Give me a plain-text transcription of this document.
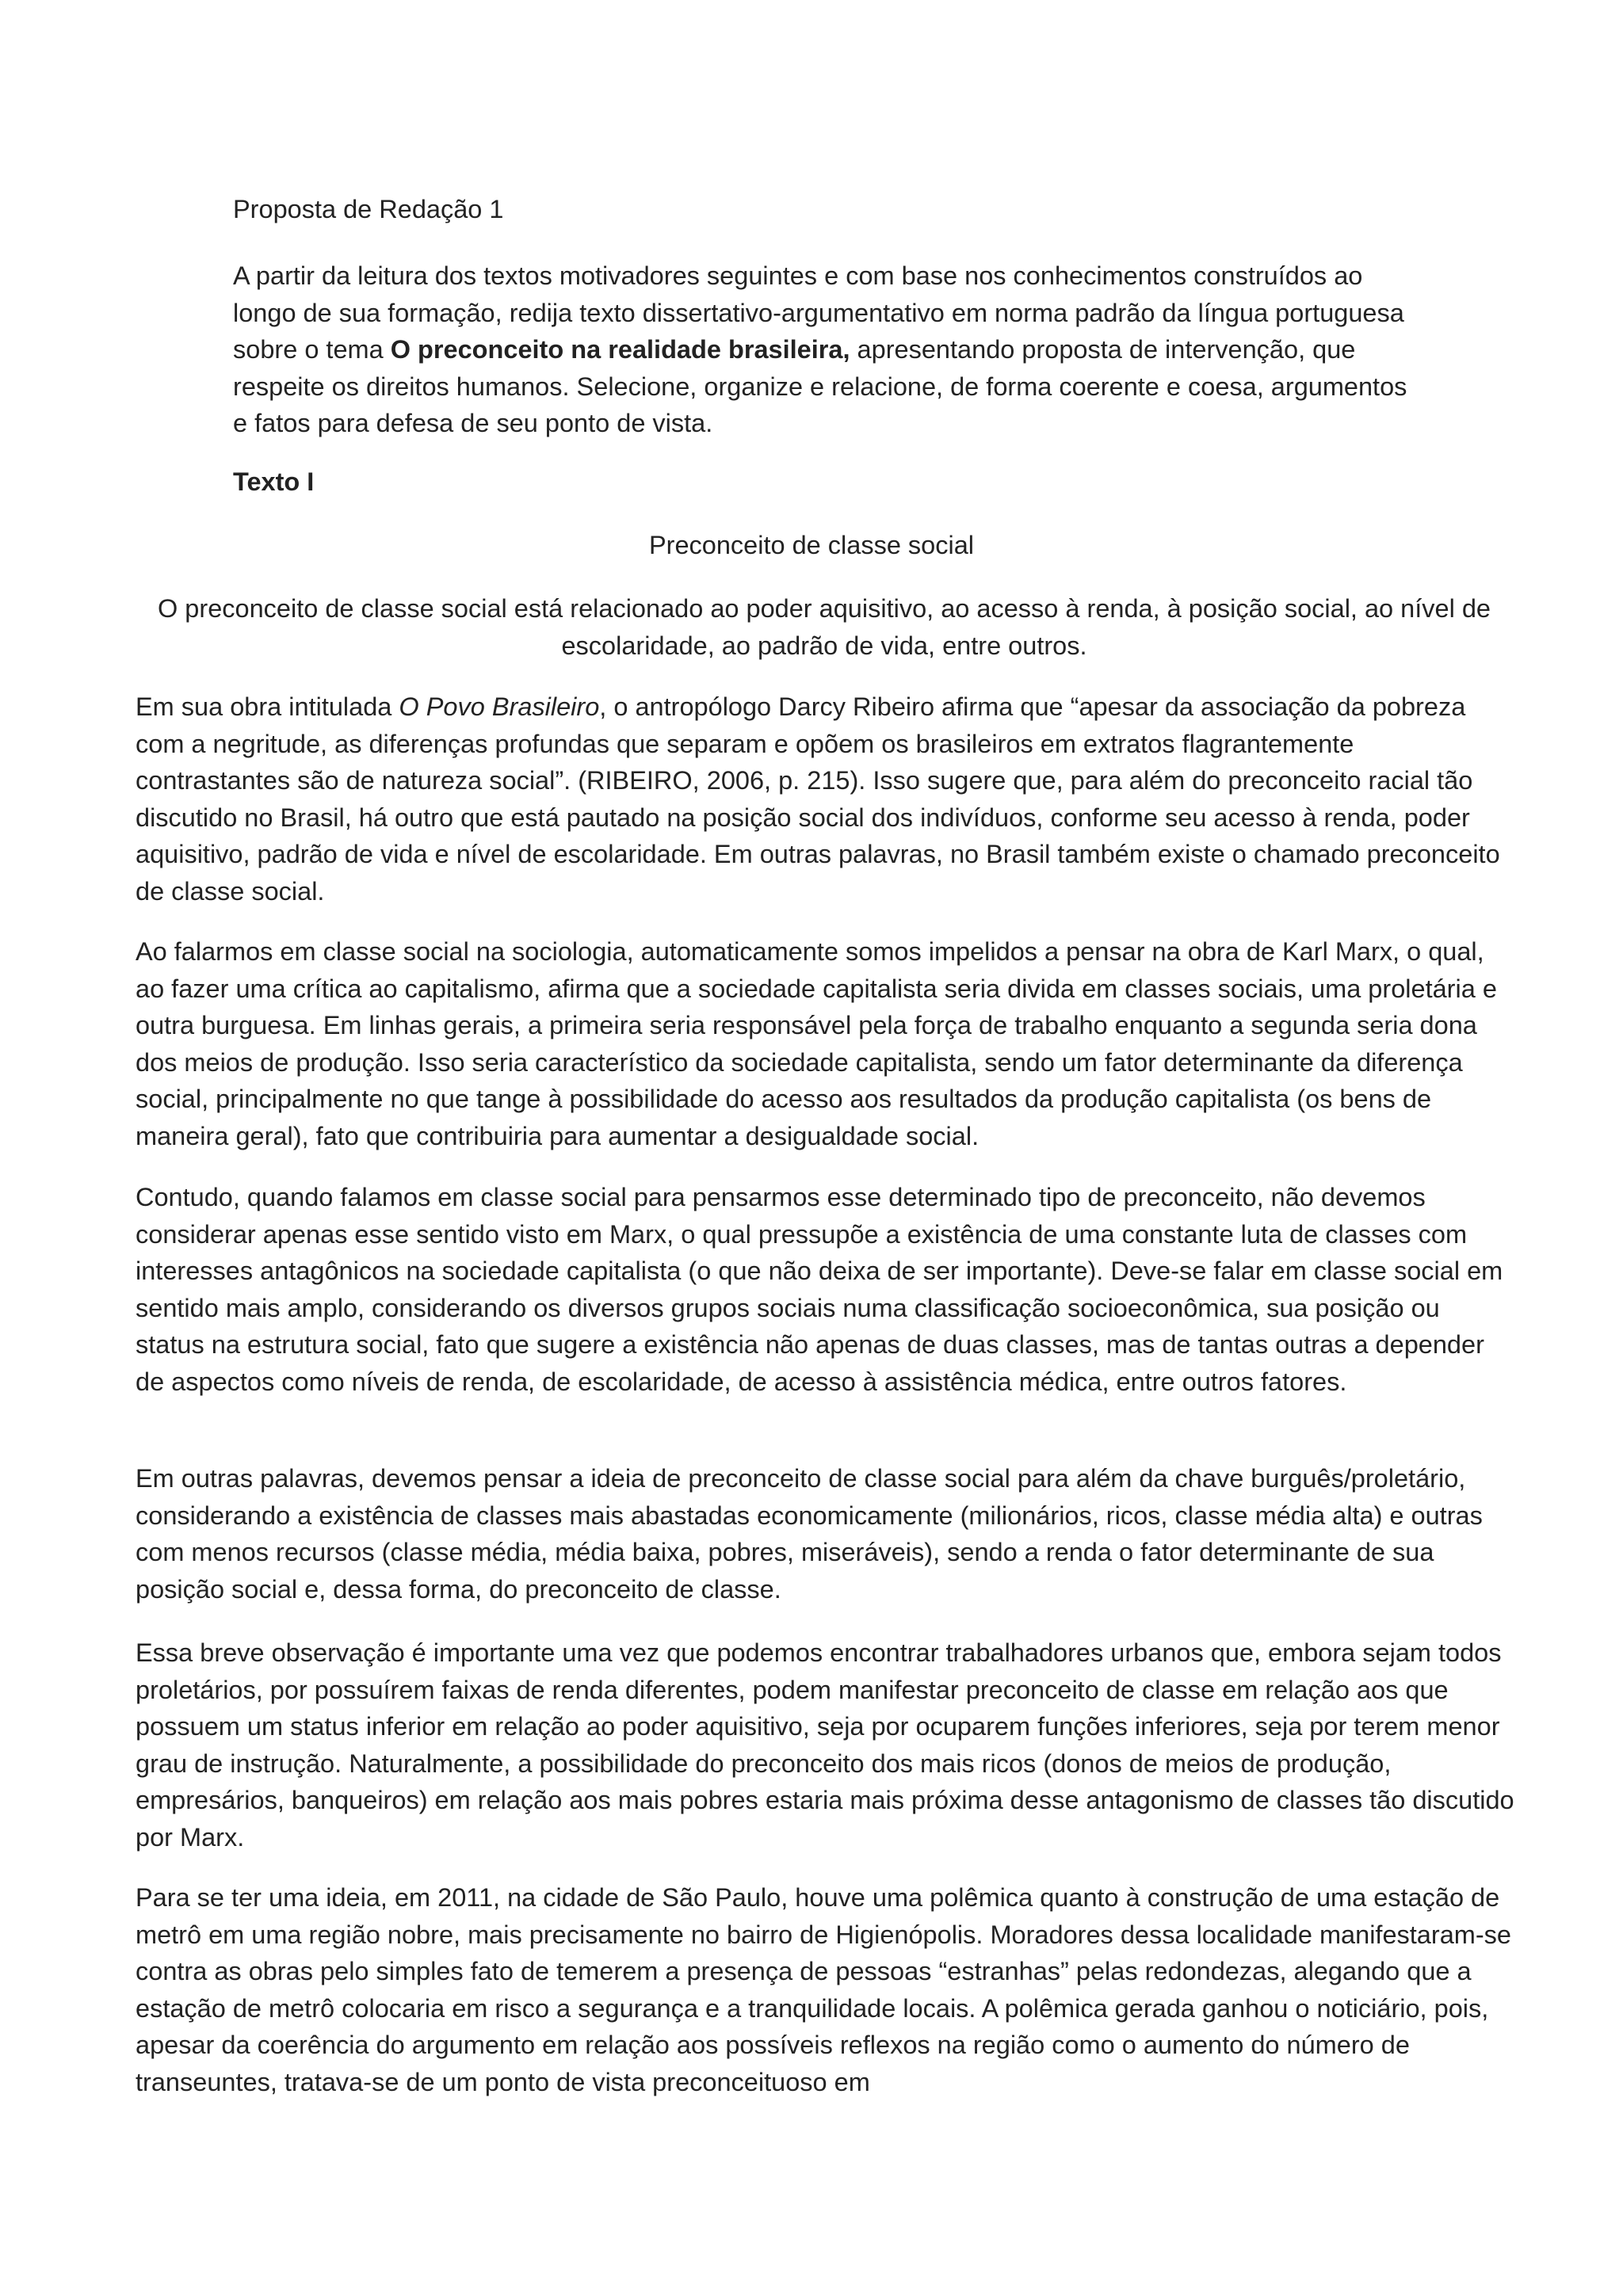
Proposta de Redação 1

A partir da leitura dos textos motivadores seguintes e com base nos conhecimentos construídos ao longo de sua formação, redija texto dissertativo-argumentativo em norma padrão da língua portuguesa sobre o tema O preconceito na realidade brasileira, apresentando proposta de intervenção, que respeite os direitos humanos. Selecione, organize e relacione, de forma coerente e coesa, argumentos e fatos para defesa de seu ponto de vista.

Texto I

Preconceito de classe social

O preconceito de classe social está relacionado ao poder aquisitivo, ao acesso à renda, à posição social, ao nível de escolaridade, ao padrão de vida, entre outros.

Em sua obra intitulada O Povo Brasileiro, o antropólogo Darcy Ribeiro afirma que “apesar da associação da pobreza com a negritude, as diferenças profundas que separam e opõem os brasileiros em extratos flagrantemente contrastantes são de natureza social”. (RIBEIRO, 2006, p. 215). Isso sugere que, para além do preconceito racial tão discutido no Brasil, há outro que está pautado na posição social dos indivíduos, conforme seu acesso à renda, poder aquisitivo, padrão de vida e nível de escolaridade. Em outras palavras, no Brasil também existe o chamado preconceito de classe social.

Ao falarmos em classe social na sociologia, automaticamente somos impelidos a pensar na obra de Karl Marx, o qual, ao fazer uma crítica ao capitalismo, afirma que a sociedade capitalista seria divida em classes sociais, uma proletária e outra burguesa. Em linhas gerais, a primeira seria responsável pela força de trabalho enquanto a segunda seria dona dos meios de produção. Isso seria característico da sociedade capitalista, sendo um fator determinante da diferença social, principalmente no que tange à possibilidade do acesso aos resultados da produção capitalista (os bens de maneira geral), fato que contribuiria para aumentar a desigualdade social.

Contudo, quando falamos em classe social para pensarmos esse determinado tipo de preconceito, não devemos considerar apenas esse sentido visto em Marx, o qual pressupõe a existência de uma constante luta de classes com interesses antagônicos na sociedade capitalista (o que não deixa de ser importante). Deve-se falar em classe social em sentido mais amplo, considerando os diversos grupos sociais numa classificação socioeconômica, sua posição ou status na estrutura social, fato que sugere a existência não apenas de duas classes, mas de tantas outras a depender de aspectos como níveis de renda, de escolaridade, de acesso à assistência médica, entre outros fatores.

Em outras palavras, devemos pensar a ideia de preconceito de classe social para além da chave burguês/proletário, considerando a existência de classes mais abastadas economicamente (milionários, ricos, classe média alta) e outras com menos recursos (classe média, média baixa, pobres, miseráveis), sendo a renda o fator determinante de sua posição social e, dessa forma, do preconceito de classe.

Essa breve observação é importante uma vez que podemos encontrar trabalhadores urbanos que, embora sejam todos proletários, por possuírem faixas de renda diferentes, podem manifestar preconceito de classe em relação aos que possuem um status inferior em relação ao poder aquisitivo, seja por ocuparem funções inferiores, seja por terem menor grau de instrução. Naturalmente, a possibilidade do preconceito dos mais ricos (donos de meios de produção, empresários, banqueiros) em relação aos mais pobres estaria mais próxima desse antagonismo de classes tão discutido por Marx.

Para se ter uma ideia, em 2011, na cidade de São Paulo, houve uma polêmica quanto à construção de uma estação de metrô em uma região nobre, mais precisamente no bairro de Higienópolis. Moradores dessa localidade manifestaram-se contra as obras pelo simples fato de temerem a presença de pessoas “estranhas” pelas redondezas, alegando que a estação de metrô colocaria em risco a segurança e a tranquilidade locais. A polêmica gerada ganhou o noticiário, pois, apesar da coerência do argumento em relação aos possíveis reflexos na região como o aumento do número de transeuntes, tratava-se de um ponto de vista preconceituoso em
